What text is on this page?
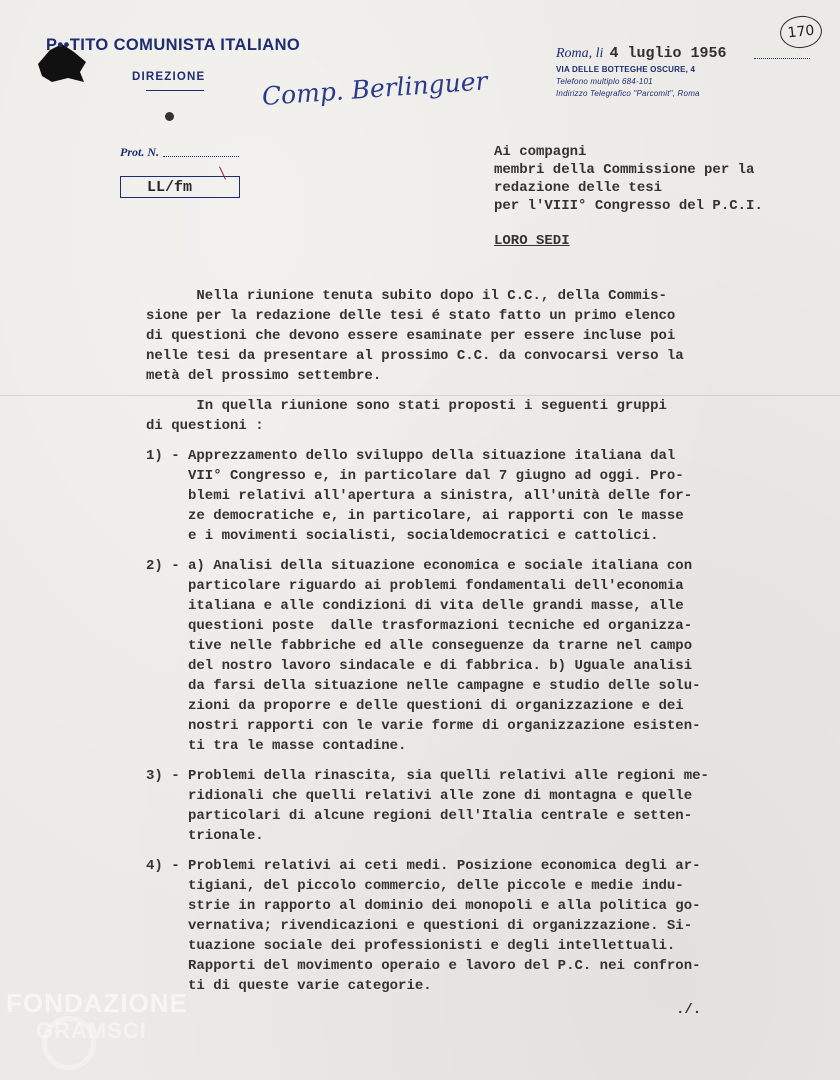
P••TITO COMUNISTA ITALIANO
DIREZIONE Comp. Berlinguer
Prot. N.
LL/fm
Roma, li 4 luglio 1956
VIA DELLE BOTTEGHE OSCURE, 4
Telefono multiplo 684-101
Indirizzo Telegrafico "Parcomit", Roma
170
Ai compagni
membri della Commissione per la
redazione delle tesi
per l'VIII° Congresso del P.C.I.
LORO SEDI
Nella riunione tenuta subito dopo il C.C., della Commis-
sione per la redazione delle tesi é stato fatto un primo elenco
di questioni che devono essere esaminate per essere incluse poi
nelle tesi da presentare al prossimo C.C. da convocarsi verso la
metà del prossimo settembre.
In quella riunione sono stati proposti i seguenti gruppi
di questioni :
1) - Apprezzamento dello sviluppo della situazione italiana dal
VII° Congresso e, in particolare dal 7 giugno ad oggi. Pro-
blemi relativi all'apertura a sinistra, all'unità delle for-
ze democratiche e, in particolare, ai rapporti con le masse
e i movimenti socialisti, socialdemocratici e cattolici.
2) - a) Analisi della situazione economica e sociale italiana con
particolare riguardo ai problemi fondamentali dell'economia
italiana e alle condizioni di vita delle grandi masse, alle
questioni poste  dalle trasformazioni tecniche ed organizza-
tive nelle fabbriche ed alle conseguenze da trarne nel campo
del nostro lavoro sindacale e di fabbrica. b) Uguale analisi
da farsi della situazione nelle campagne e studio delle solu-
zioni da proporre e delle questioni di organizzazione e dei
nostri rapporti con le varie forme di organizzazione esisten-
ti tra le masse contadine.
3) - Problemi della rinascita, sia quelli relativi alle regioni me-
ridionali che quelli relativi alle zone di montagna e quelle
particolari di alcune regioni dell'Italia centrale e setten-
trionale.
4) - Problemi relativi ai ceti medi. Posizione economica degli ar-
tigiani, del piccolo commercio, delle piccole e medie indu-
strie in rapporto al dominio dei monopoli e alla politica go-
vernativa; rivendicazioni e questioni di organizzazione. Si-
tuazione sociale dei professionisti e degli intellettuali.
Rapporti del movimento operaio e lavoro del P.C. nei confron-
ti di queste varie categorie.
./.
FONDAZIONE
GRAMSCI
